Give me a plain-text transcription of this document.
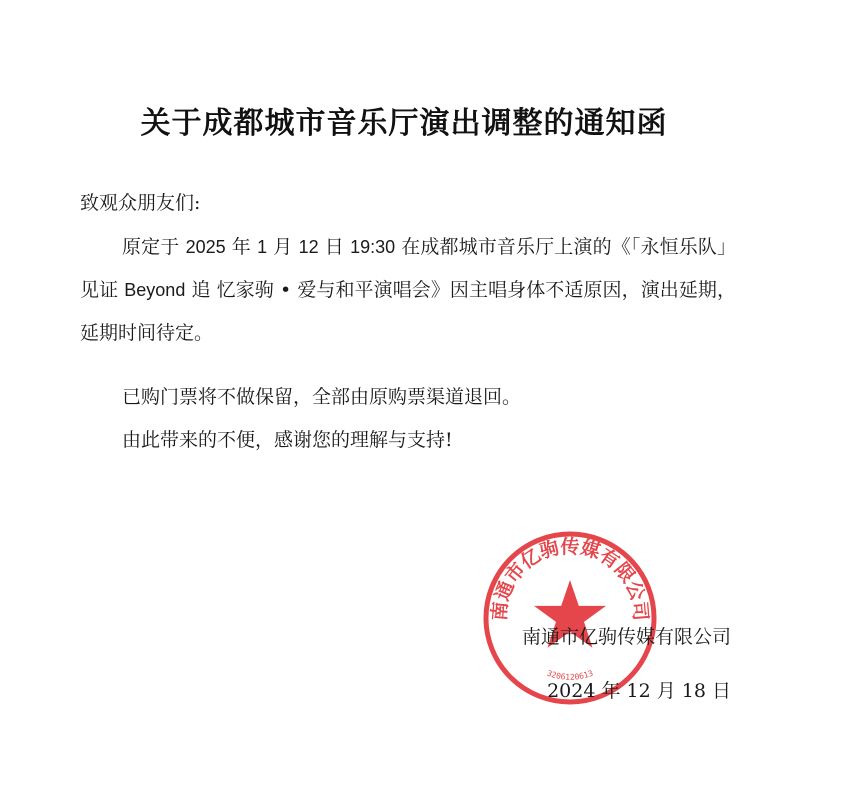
关于成都城市音乐厅演出调整的通知函
致观众朋友们:
原定于 2025 年 1 月 12 日 19:30 在成都城市音乐厅上演的《「永恒乐队」见证 Beyond 追 忆家驹 • 爱与和平演唱会》因主唱身体不适原因，演出延期，延期时间待定。
已购门票将不做保留，全部由原购票渠道退回。
由此带来的不便，感谢您的理解与支持!
南通市亿驹传媒有限公司
3206120613
南通市亿驹传媒有限公司
2024 年 12 月 18 日
